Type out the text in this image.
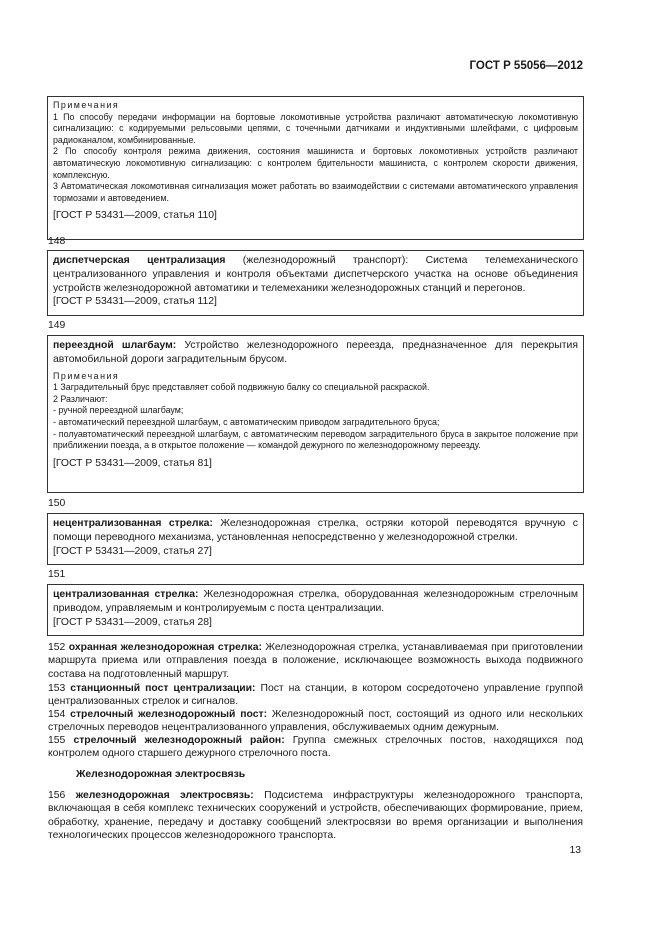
ГОСТ Р 55056—2012
Примечания
1 По способу передачи информации на бортовые локомотивные устройства различают автоматическую локомотивную сигнализацию: с кодируемыми рельсовыми цепями, с точечными датчиками и индуктивными шлейфами, с цифровым радиоканалом, комбинированные.
2 По способу контроля режима движения, состояния машиниста и бортовых локомотивных устройств различают автоматическую локомотивную сигнализацию: с контролем бдительности машиниста, с контролем скорости движения, комплексную.
3 Автоматическая локомотивная сигнализация может работать во взаимодействии с системами автоматического управления тормозами и автоведением.
[ГОСТ Р 53431—2009, статья 110]
148
диспетчерская централизация (железнодорожный транспорт): Система телемеханического централизованного управления и контроля объектами диспетчерского участка на основе объединения устройств железнодорожной автоматики и телемеханики железнодорожных станций и перегонов.
[ГОСТ Р 53431—2009, статья 112]
149
переездной шлагбаум: Устройство железнодорожного переезда, предназначенное для перекрытия автомобильной дороги заградительным брусом.
Примечания
1 Заградительный брус представляет собой подвижную балку со специальной раскраской.
2 Различают:
- ручной переездной шлагбаум;
- автоматический переездной шлагбаум, с автоматическим приводом заградительного бруса;
- полуавтоматический переездной шлагбаум, с автоматическим переводом заградительного бруса в закрытое положение при приближении поезда, а в открытое положение — командой дежурного по железнодорожному переезду.
[ГОСТ Р 53431—2009, статья 81]
150
нецентрализованная стрелка: Железнодорожная стрелка, остряки которой переводятся вручную с помощи переводного механизма, установленная непосредственно у железнодорожной стрелки.
[ГОСТ Р 53431—2009, статья 27]
151
централизованная стрелка: Железнодорожная стрелка, оборудованная железнодорожным стрелочным приводом, управляемым и контролируемым с поста централизации.
[ГОСТ Р 53431—2009, статья 28]
152 охранная железнодорожная стрелка: Железнодорожная стрелка, устанавливаемая при приготовлении маршрута приема или отправления поезда в положение, исключающее возможность выхода подвижного состава на подготовленный маршрут.
153 станционный пост централизации: Пост на станции, в котором сосредоточено управление группой централизованных стрелок и сигналов.
154 стрелочный железнодорожный пост: Железнодорожный пост, состоящий из одного или нескольких стрелочных переводов нецентрализованного управления, обслуживаемых одним дежурным.
155 стрелочный железнодорожный район: Группа смежных стрелочных постов, находящихся под контролем одного старшего дежурного стрелочного поста.
Железнодорожная электросвязь
156 железнодорожная электросвязь: Подсистема инфраструктуры железнодорожного транспорта, включающая в себя комплекс технических сооружений и устройств, обеспечивающих формирование, прием, обработку, хранение, передачу и доставку сообщений электросвязи во время организации и выполнения технологических процессов железнодорожного транспорта.
13
